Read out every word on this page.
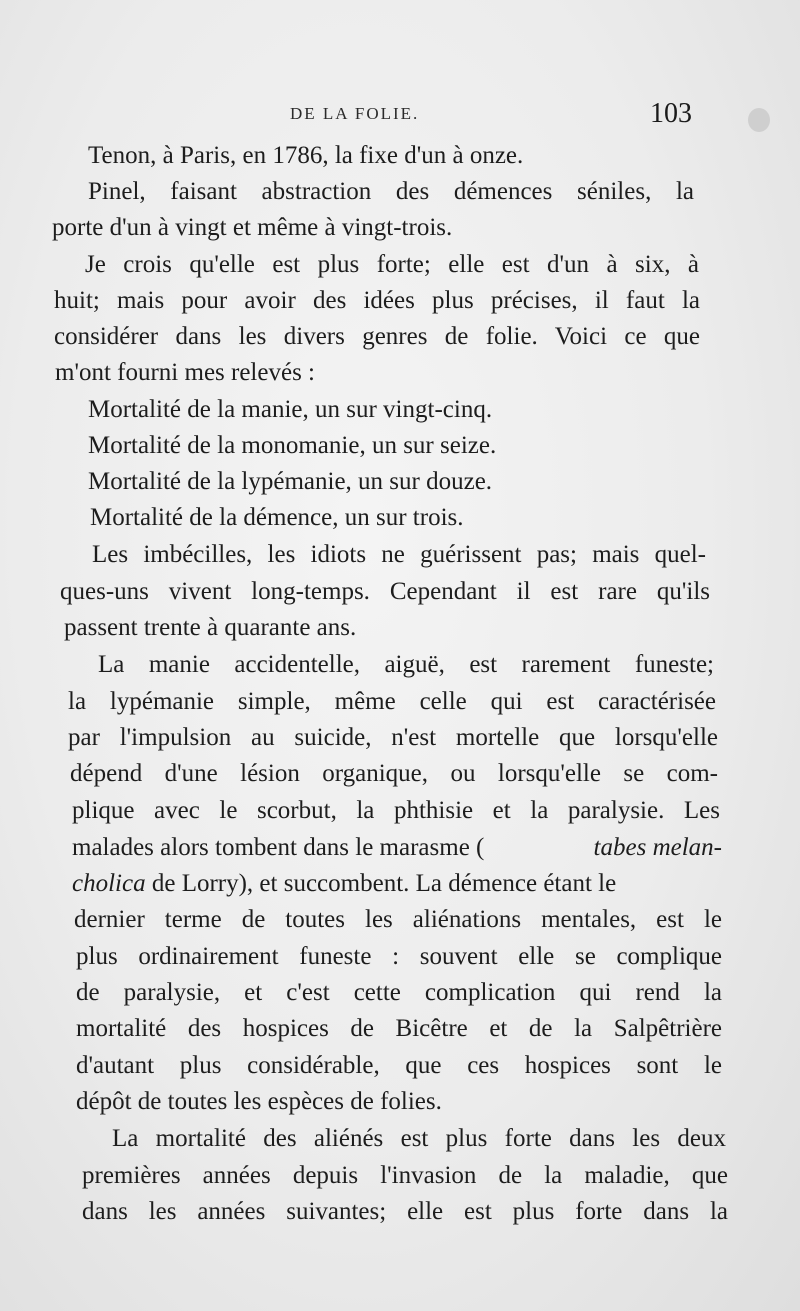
DE LA FOLIE.	103
Tenon, à Paris, en 1786, la fixe d'un à onze.
Pinel, faisant abstraction des démences séniles, la
porte d'un à vingt et même à vingt-trois.
Je crois qu'elle est plus forte; elle est d'un à six, à
huit; mais pour avoir des idées plus précises, il faut la
considérer dans les divers genres de folie. Voici ce que
m'ont fourni mes relevés :
Mortalité de la manie, un sur vingt-cinq.
Mortalité de la monomanie, un sur seize.
Mortalité de la lypémanie, un sur douze.
Mortalité de la démence, un sur trois.
Les imbécilles, les idiots ne guérissent pas; mais quel-
ques-uns vivent long-temps. Cependant il est rare qu'ils
passent trente à quarante ans.
La manie accidentelle, aiguë, est rarement funeste;
la lypémanie simple, même celle qui est caractérisée
par l'impulsion au suicide, n'est mortelle que lorsqu'elle
dépend d'une lésion organique, ou lorsqu'elle se com-
plique avec le scorbut, la phthisie et la paralysie. Les
malades alors tombent dans le marasme (	tabes melan-
cholica de Lorry), et succombent. La démence étant le
dernier terme de toutes les aliénations mentales, est le
plus ordinairement funeste : souvent elle se complique
de paralysie, et c'est cette complication qui rend la
mortalité des hospices de Bicêtre et de la Salpêtrière
d'autant plus considérable, que ces hospices sont le
dépôt de toutes les espèces de folies.
La mortalité des aliénés est plus forte dans les deux
premières années depuis l'invasion de la maladie, que
dans les années suivantes; elle est plus forte dans la
